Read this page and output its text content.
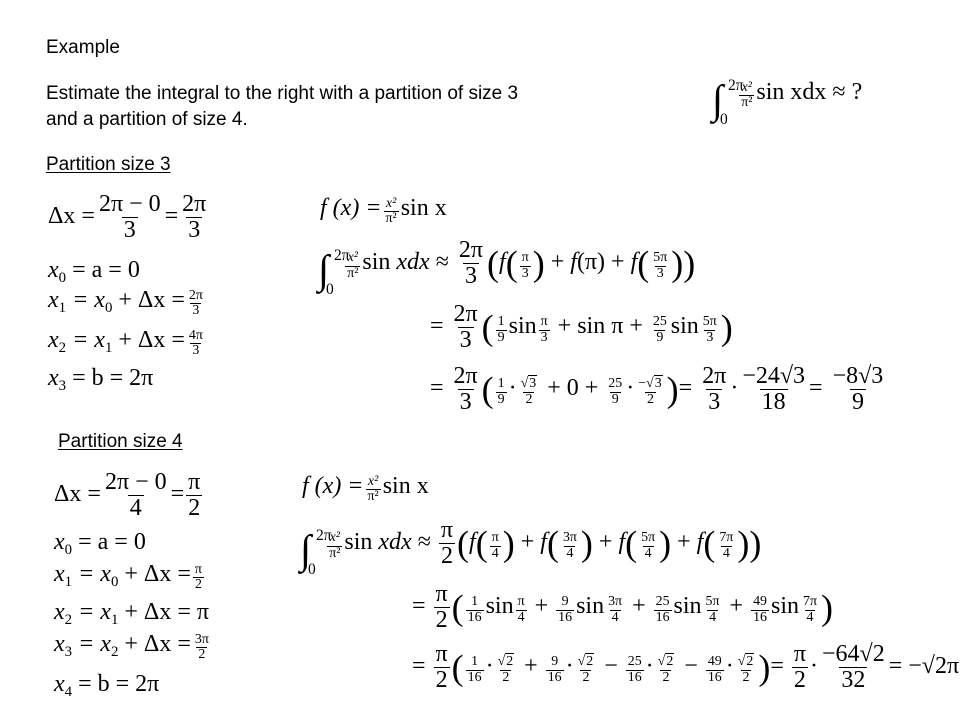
Example
Estimate the integral to the right with a partition of size 3
and a partition of size 4.
Partition size 3
Partition size 4
∫ 2π
0
$\frac{\text{x²}}{\text{π²}}$ sin xdx ≈ ?
$\Delta x = \frac{2\pi - 0}{3} = \frac{2\pi}{3}$
$x_0 = a = 0$
$x_1 = x_0 + \Delta x = \frac{2\pi}{3}$
$x_2 = x_1 + \Delta x = \frac{4\pi}{3}$
$x_3 = b = 2\pi$
f $(x) = \frac{\text{x²}}{\text{π²}}$ sin x
∫ 2π
0
$\frac{\text{x²}}{\text{π²}}$ sin xdx ≈ $\frac{2\pi}{3} (f( \frac{\pi}{3}$ ) + $f(\pi) + f( \frac{5\pi}{3}$ ))
= $\frac{2\pi}{3}$ ( $\frac{1}{9}$ $\sin \frac{\pi}{3} + \sin \pi + \frac{25}{9}$ $\sin \frac{5\pi}{3}$ )
= $\frac{2\pi}{3}$ ( $\frac{1}{9} \cdot \frac{√3}{2} + 0 + \frac{25}{9} \cdot \frac{-√3}{2}$ )= $\frac{2\pi}{3} \cdot \frac{-24√3}{18} = \frac{-8√3}{9}$
$\Delta x = \frac{2\pi - 0}{4} = \frac{\pi}{2}$
$x_0 = a = 0$
$x_1 = x_0 + \Delta x = \frac{\pi}{2}$
$x_2 = x_1 + \Delta x = \pi$
$x_3 = x_2 + \Delta x = \frac{3\pi}{2}$
$x_4 = b = 2\pi$
f $(x) = \frac{\text{x²}}{\text{π²}}$ sin x
∫ 2π
0
$\frac{\text{x²}}{\text{π²}}$ sin xdx ≈ $\frac{\pi}{2} (f( \frac{\pi}{4}$ ) + $f( \frac{3\pi}{4}$ ) + $f( \frac{5\pi}{4}$ ) + $f( \frac{7\pi}{4}$ ))
= $\frac{\pi}{2}$ ( $\frac{1}{16}$ $\sin \frac{\pi}{4} + \frac{9}{16}$ $\sin \frac{3\pi}{4} + \frac{25}{16}$ $\sin \frac{5\pi}{4} + \frac{49}{16}$ $\sin \frac{7\pi}{4}$ )
= $\frac{\pi}{2}$ ( $\frac{1}{16} \cdot \frac{√2}{2} + \frac{9}{16} \cdot \frac{√2}{2} - \frac{25}{16} \cdot \frac{√2}{2} - \frac{49}{16} \cdot \frac{√2}{2}$ )= $\frac{\pi}{2} \cdot \frac{-64√2}{32} = -√2\pi$
